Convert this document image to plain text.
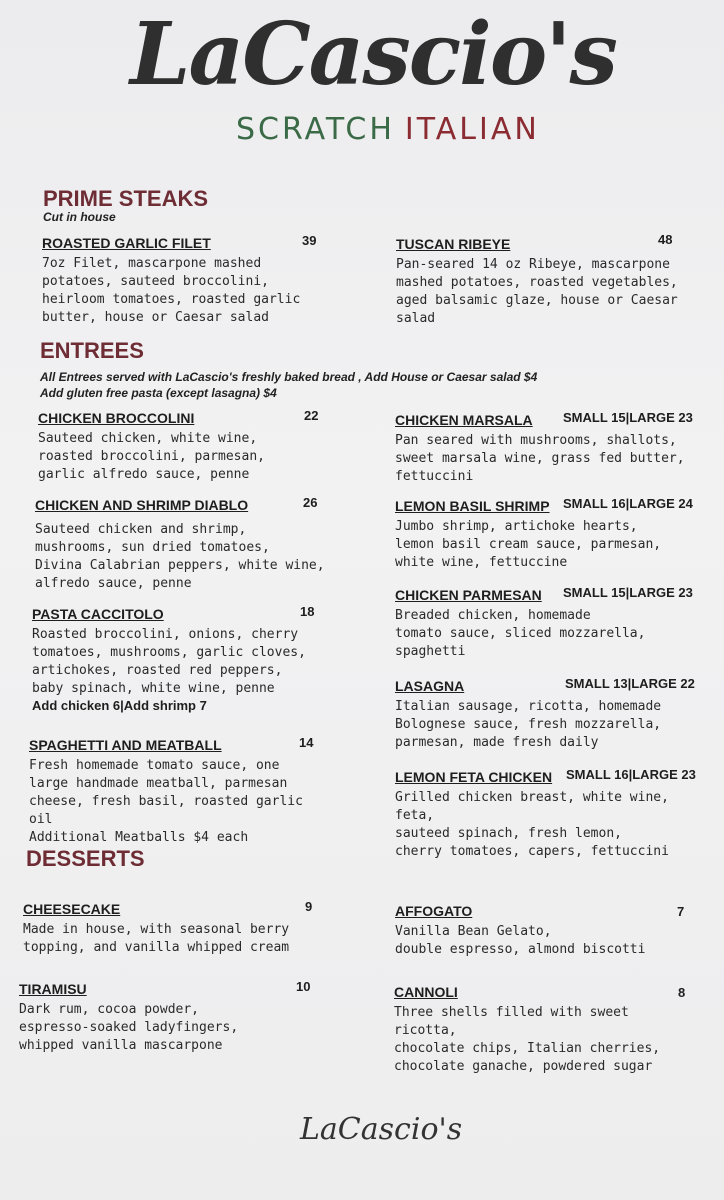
LaCascio's
SCRATCH ITALIAN
PRIME STEAKS
Cut in house
ROASTED GARLIC FILET	39
7oz Filet, mascarpone mashed
potatoes, sauteed broccolini,
heirloom tomatoes, roasted garlic
butter, house or Caesar salad
TUSCAN RIBEYE	48
Pan-seared 14 oz Ribeye, mascarpone
mashed potatoes, roasted vegetables,
aged balsamic glaze, house or Caesar
salad
ENTREES
All Entrees served with LaCascio's freshly baked bread , Add House or Caesar salad $4
Add gluten free pasta (except lasagna) $4
CHICKEN BROCCOLINI	22
Sauteed chicken, white wine,
roasted broccolini, parmesan,
garlic alfredo sauce, penne
CHICKEN AND SHRIMP DIABLO	26
Sauteed chicken and shrimp,
mushrooms, sun dried tomatoes,
Divina Calabrian peppers, white wine,
alfredo sauce, penne
PASTA CACCITOLO	18
Roasted broccolini, onions, cherry
tomatoes, mushrooms, garlic cloves,
artichokes, roasted red peppers,
baby spinach, white wine, penne
Add chicken 6|Add shrimp 7
SPAGHETTI AND MEATBALL	14
Fresh homemade tomato sauce, one
large handmade meatball, parmesan
cheese, fresh basil, roasted garlic oil
Additional Meatballs $4 each
CHICKEN MARSALA SMALL 15|LARGE 23
Pan seared with mushrooms, shallots,
sweet marsala wine, grass fed butter,
fettuccini
LEMON BASIL SHRIMP SMALL 16|LARGE 24
Jumbo shrimp, artichoke hearts,
lemon basil cream sauce, parmesan,
white wine, fettuccine
CHICKEN PARMESAN SMALL 15|LARGE 23
Breaded chicken, homemade
tomato sauce, sliced mozzarella,
spaghetti
LASAGNA	SMALL 13|LARGE 22
Italian sausage, ricotta, homemade
Bolognese sauce, fresh mozzarella,
parmesan, made fresh daily
LEMON FETA CHICKEN SMALL 16|LARGE 23
Grilled chicken breast, white wine, feta,
sauteed spinach, fresh lemon,
cherry tomatoes, capers, fettuccini
DESSERTS
CHEESECAKE	9
Made in house, with seasonal berry
topping, and vanilla whipped cream
TIRAMISU	10
Dark rum, cocoa powder,
espresso-soaked ladyfingers,
whipped vanilla mascarpone
AFFOGATO	7
Vanilla Bean Gelato,
double espresso, almond biscotti
CANNOLI	8
Three shells filled with sweet ricotta,
chocolate chips, Italian cherries,
chocolate ganache, powdered sugar
LaCascio's
